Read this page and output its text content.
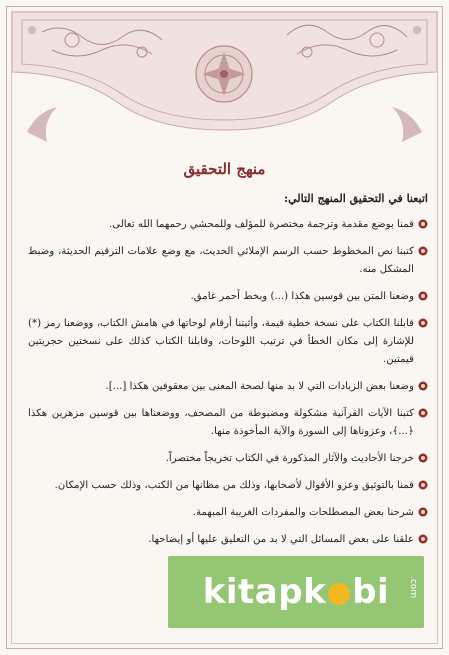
منهج التحقيق

اتبعنا في التحقيق المنهج التالي:

قمنا بوضع مقدمة وترجمة مختصرة للمؤلف وللمحشي رحمهما الله تعالى.
كتبنا نص المخطوط حسب الرسم الإملائي الحديث، مع وضع علامات الترقيم الحديثة، وضبط المشكل منه.
وضعنا المتن بين قوسين هكذا (...) وبخط أحمر غامق.
قابلنا الكتاب على نسخة خطية قيمة، وأثبتنا أرقام لوحاتها في هامش الكتاب، ووضعنا رمز (*) للإشارة إلى مكان الخطأ في ترتيب اللوحات، وقابلنا الكتاب كذلك على نسختين حجريتين قيمتين.
وضعنا بعض الزيادات التي لا بد منها لصحة المعنى بين معقوفين هكذا [...].
كتبنا الآيات القرآنية مشكولة ومضبوطة من المصحف، ووضعناها بين قوسين مزهرين هكذا ﴿...﴾، وعزوناها إلى السورة والآية المأخوذة منها.
خرجنا الأحاديث والآثار المذكورة في الكتاب تخريجاً مختصراً.
قمنا بالتوثيق وعزو الأقوال لأصحابها، وذلك من مظانها من الكتب، وذلك حسب الإمكان.
شرحنا بعض المصطلحات والمفردات الغريبة المبهمة.
علقنا على بعض المسائل التي لا بد من التعليق عليها أو إيضاحها.
kitapk bi .com
